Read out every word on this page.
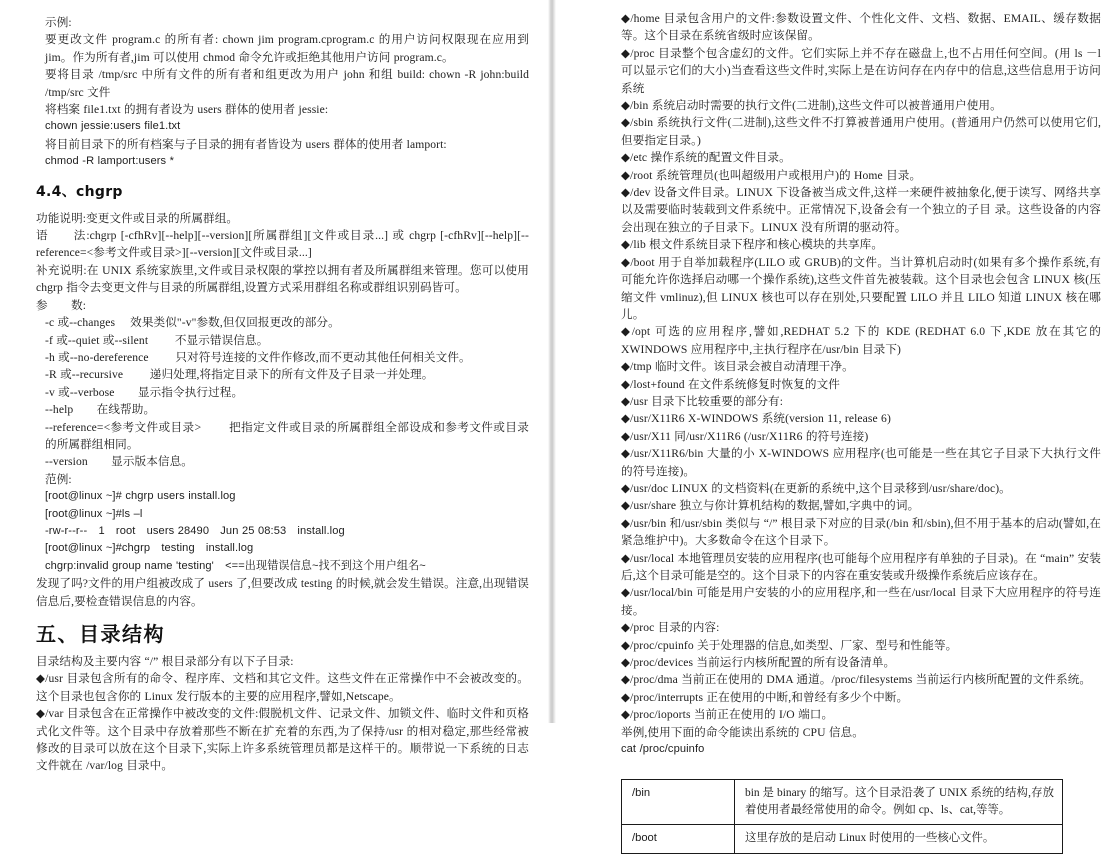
示例:

要更改文件 program.c 的所有者: chown jim program.cprogram.c 的用户访问权限现在应用到 jim。作为所有者,jim 可以使用 chmod 命令允许或拒绝其他用户访问 program.c。

要将目录 /tmp/src 中所有文件的所有者和组更改为用户 john 和组 build: chown -R john:build /tmp/src 文件

将档案 file1.txt 的拥有者设为 users 群体的使用者 jessie:

chown jessie:users file1.txt

将目前目录下的所有档案与子目录的拥有者皆设为 users 群体的使用者 lamport:

chmod -R lamport:users *

4.4、chgrp

功能说明:变更文件或目录的所属群组。

语　　法:chgrp [-cfhRv][--help][--version][所属群组][文件或目录...] 或 chgrp [-cfhRv][--help][--reference=<参考文件或目录>][--version][文件或目录...]

补充说明:在 UNIX 系统家族里,文件或目录权限的掌控以拥有者及所属群组来管理。您可以使用 chgrp 指令去变更文件与目录的所属群组,设置方式采用群组名称或群组识别码皆可。

参　　数:

-c 或--changes　 效果类似"-v"参数,但仅回报更改的部分。

-f 或--quiet 或--silent　　 不显示错误信息。

-h 或--no-dereference　　 只对符号连接的文件作修改,而不更动其他任何相关文件。

-R 或--recursive　　 递归处理,将指定目录下的所有文件及子目录一并处理。

-v 或--verbose　　显示指令执行过程。

--help　　在线帮助。

--reference=<参考文件或目录>　　 把指定文件或目录的所属群组全部设成和参考文件或目录的所属群组相同。

--version　　显示版本信息。

范例:

[root@linux ~]# chgrp users install.log

[root@linux ~]#ls –l

-rw-r--r--　1　root　users 28490　Jun 25 08:53　install.log

[root@linux ~]#chgrp　testing　install.log

chgrp:invalid group name 'testing'　<==出现错误信息~找不到这个用户组名~

发现了吗?文件的用户组被改成了 users 了,但要改成 testing 的时候,就会发生错误。注意,出现错误信息后,要检查错误信息的内容。

五、目录结构

目录结构及主要内容 “/” 根目录部分有以下子目录:

◆/usr 目录包含所有的命令、程序库、文档和其它文件。这些文件在正常操作中不会被改变的。这个目录也包含你的 Linux 发行版本的主要的应用程序,譬如,Netscape。

◆/var 目录包含在正常操作中被改变的文件:假脱机文件、记录文件、加锁文件、临时文件和页格式化文件等。这个目录中存放着那些不断在扩充着的东西,为了保持/usr 的相对稳定,那些经常被修改的目录可以放在这个目录下,实际上许多系统管理员都是这样干的。顺带说一下系统的日志文件就在 /var/log 目录中。

◆/home 目录包含用户的文件:参数设置文件、个性化文件、文档、数据、EMAIL、缓存数据等。这个目录在系统省级时应该保留。

◆/proc 目录整个包含虚幻的文件。它们实际上并不存在磁盘上,也不占用任何空间。(用 ls －l 可以显示它们的大小)当查看这些文件时,实际上是在访问存在内存中的信息,这些信息用于访问系统

◆/bin 系统启动时需要的执行文件(二进制),这些文件可以被普通用户使用。

◆/sbin 系统执行文件(二进制),这些文件不打算被普通用户使用。(普通用户仍然可以使用它们,但要指定目录。)

◆/etc 操作系统的配置文件目录。

◆/root 系统管理员(也叫超级用户或根用户)的 Home 目录。

◆/dev 设备文件目录。LINUX 下设备被当成文件,这样一来硬件被抽象化,便于读写、网络共享以及需要临时装载到文件系统中。正常情况下,设备会有一个独立的子目 录。这些设备的内容会出现在独立的子目录下。LINUX 没有所谓的驱动符。

◆/lib 根文件系统目录下程序和核心模块的共享库。

◆/boot 用于自举加载程序(LILO 或 GRUB)的文件。当计算机启动时(如果有多个操作系统,有可能允许你选择启动哪一个操作系统),这些文件首先被装载。这个目录也会包含 LINUX 核(压缩文件 vmlinuz),但 LINUX 核也可以存在别处,只要配置 LILO 并且 LILO 知道 LINUX 核在哪儿。

◆/opt 可选的应用程序,譬如,REDHAT 5.2 下的 KDE (REDHAT 6.0 下,KDE 放在其它的 XWINDOWS 应用程序中,主执行程序在/usr/bin 目录下)

◆/tmp 临时文件。该目录会被自动清理干净。

◆/lost+found 在文件系统修复时恢复的文件

◆/usr 目录下比较重要的部分有:

◆/usr/X11R6 X-WINDOWS 系统(version 11, release 6)

◆/usr/X11 同/usr/X11R6 (/usr/X11R6 的符号连接)

◆/usr/X11R6/bin 大量的小 X-WINDOWS 应用程序(也可能是一些在其它子目录下大执行文件的符号连接)。

◆/usr/doc LINUX 的文档资料(在更新的系统中,这个目录移到/usr/share/doc)。

◆/usr/share 独立与你计算机结构的数据,譬如,字典中的词。

◆/usr/bin 和/usr/sbin 类似与 “/” 根目录下对应的目录(/bin 和/sbin),但不用于基本的启动(譬如,在紧急维护中)。大多数命令在这个目录下。

◆/usr/local 本地管理员安装的应用程序(也可能每个应用程序有单独的子目录)。在 “main” 安装后,这个目录可能是空的。这个目录下的内容在重安装或升级操作系统后应该存在。

◆/usr/local/bin 可能是用户安装的小的应用程序,和一些在/usr/local 目录下大应用程序的符号连接。

◆/proc 目录的内容:

◆/proc/cpuinfo 关于处理器的信息,如类型、厂家、型号和性能等。

◆/proc/devices 当前运行内核所配置的所有设备清单。

◆/proc/dma 当前正在使用的 DMA 通道。/proc/filesystems 当前运行内核所配置的文件系统。

◆/proc/interrupts 正在使用的中断,和曾经有多少个中断。

◆/proc/ioports 当前正在使用的 I/O 端口。

举例,使用下面的命令能读出系统的 CPU 信息。

cat /proc/cpuinfo

/bin	bin 是 binary 的缩写。这个目录沿袭了 UNIX 系统的结构,存放着使用者最经常使用的命令。例如 cp、ls、cat,等等。
/boot	这里存放的是启动 Linux 时使用的一些核心文件。
